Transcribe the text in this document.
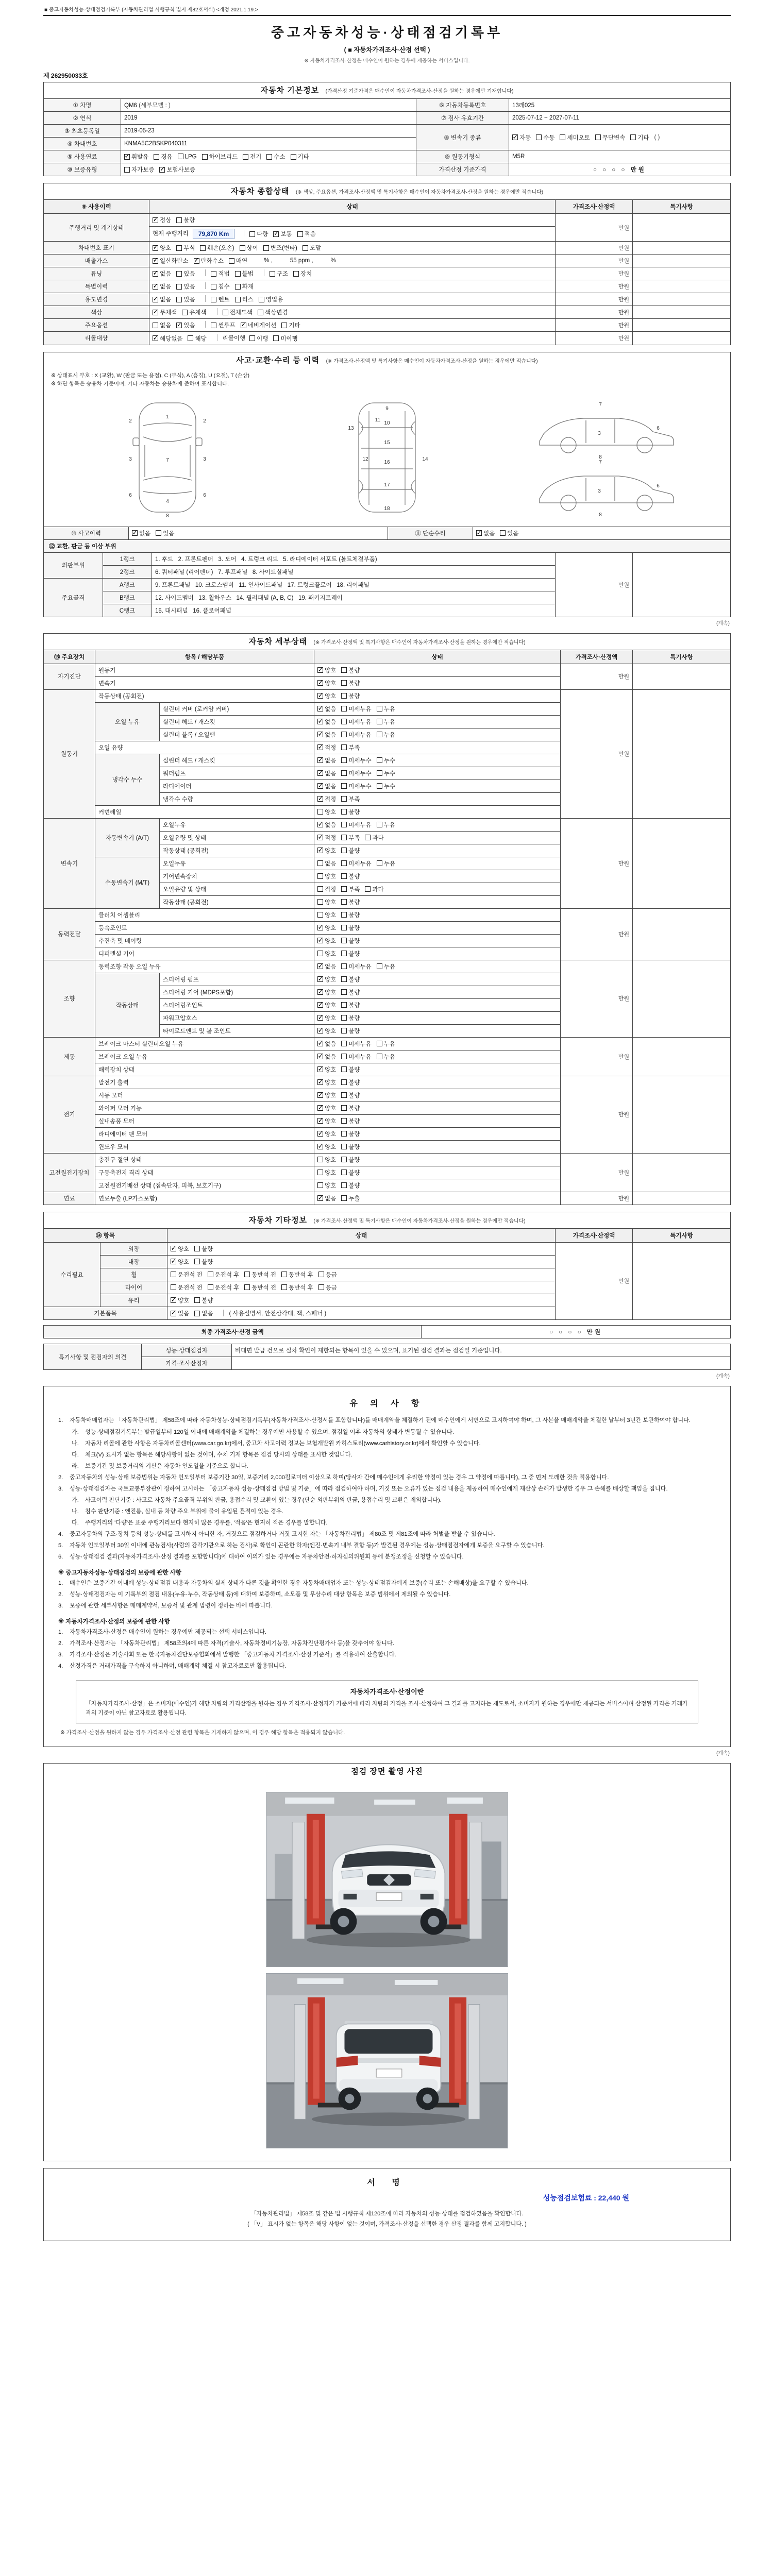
■ 중고자동차성능·상태점검기록부 (자동차관리법 시행규칙 별지 제82호서식) <개정 2021.1.19.>
중고자동차성능·상태점검기록부
( ■ 자동차가격조사·산정 선택 )
※ 자동차가격조사·산정은 매수인이 원하는 경우에 제공하는 서비스입니다.
제 262950033호
자동차 기본정보 (가격산정 기준가격은 매수인이 자동차가격조사·산정을 원하는 경우에만 기재합니다)
① 차명	QM6 (세부모델 : )	⑥ 자동차등록번호	13래025
② 연식	2019	⑦ 검사 유효기간	2025-07-12 ~ 2027-07-11
③ 최초등록일	2019-05-23	⑧ 변속기 종류	✓자동 수동 세미오토 무단변속 기타 ( )
④ 차대번호	KNMA5C2BSKP040311		
⑤ 사용연료	✓휘발유 경유 LPG 하이브리드 전기 수소 기타	⑨ 원동기형식	M5R
⑩ 보증유형	자가보증 ✓ 보험사보증	가격산정 기준가격	○ ○ ○ ○ 만원
자동차 종합상태 (※ 색상, 주요옵션, 가격조사·산정액 및 특기사항은 매수인이 자동차가격조사·산정을 원하는 경우에만 적습니다)
⑨ 사용이력	상태	가격조사·산정액	특기사항
주행거리 및 계기상태	✓정상 불량	만원	
	현재 주행거리 79,870 Km 다량 ✓ 보통 적음
차대번호 표기	✓양호 부식 훼손(오손) 상이 변조(변타) 도말	만원	
배출가스	✓일산화탄소 ✓ 탄화수소 매연 % , 55 ppm , %	만원	
튜닝	✓없음 있음 적법 불법 구조 장치	만원	
특별이력	✓없음 있음 침수 화재	만원	
용도변경	✓없음 있음 렌트 리스 영업용	만원	
색상	✓무채색 유채색 전체도색 색상변경	만원	
주요옵션	없음 ✓ 있음 썬루프 ✓ 네비게이션 기타	만원	
리콜대상	✓해당없음 해당 리콜이행 이행 미이행	만원	
사고·교환·수리 등 이력 (※ 가격조사·산정액 및 특기사항은 매수인이 자동차가격조사·산정을 원하는 경우에만 적습니다)
※ 상태표시 부호 : X (교환), W (판금 또는 용접), C (부식), A (흠집), U (요철), T (손상)
※ 하단 항목은 승용차 기준이며, 기타 자동차는 승용차에 준하여 표시합니다.
1
7
4
2	2
3	3
6	6
8
9
10
11
12
13
14
15
16
17
18
7
3
6
8
7
3
6
8
⑩ 사고이력	✓없음 있음	⑪ 단순수리	✓없음 있음
⑫ 교환, 판금 등 이상 부위				
외판부위	1랭크	1. 후드   2. 프론트펜더   3. 도어   4. 트렁크 리드   5. 라디에이터 서포트 (볼트체결부품)	만원	
	2랭크	6. 쿼터패널 (리어펜더)   7. 루프패널   8. 사이드실패널		
주요골격	A랭크	9. 프론트패널   10. 크로스멤버   11. 인사이드패널   17. 트렁크플로어   18. 리어패널		
	B랭크	12. 사이드멤버   13. 휠하우스   14. 필러패널 (A, B, C)   19. 패키지트레이		
	C랭크	15. 대시패널   16. 플로어패널		
(계속)
자동차 세부상태 (※ 가격조사·산정액 및 특기사항은 매수인이 자동차가격조사·산정을 원하는 경우에만 적습니다)
⑬ 주요장치	항목 / 해당부품		상태	가격조사·산정액	특기사항
자기진단	원동기	✓양호 불량	만원	
	변속기	✓양호 불량
원동기	작동상태 (공회전)	✓양호 불량	만원	
	오일 누유	실린더 커버 (로커암 커버)	✓없음 미세누유 누유
		실린더 헤드 / 개스킷	✓없음 미세누유 누유
		실린더 블록 / 오일팬	✓없음 미세누유 누유
	오일 유량	✓적정 부족
	냉각수 누수	실린더 헤드 / 개스킷	✓없음 미세누수 누수
		워터펌프	✓없음 미세누수 누수
		라디에이터	✓없음 미세누수 누수
		냉각수 수량	✓적정 부족
	커먼레일		양호 불량		
변속기	자동변속기 (A/T)	오일누유	✓없음 미세누유 누유	만원	
		오일유량 및 상태	✓적정 부족 과다
		작동상태 (공회전)	✓양호 불량
	수동변속기 (M/T)	오일누유	없음 미세누유 누유		
		기어변속장치	양호 불량		
		오일유량 및 상태	적정 부족 과다		
		작동상태 (공회전)	양호 불량		
동력전달	클러치 어셈블리		양호 불량	만원	
	등속조인트	✓양호 불량
	추진축 및 베어링	✓양호 불량
	디퍼렌셜 기어		양호 불량		
조향	동력조향 작동 오일 누유	✓없음 미세누유 누유	만원	
	작동상태	스티어링 펌프	✓양호 불량
		스티어링 기어 (MDPS포함)	✓양호 불량
		스티어링조인트	✓양호 불량
		파워고압호스	✓양호 불량
		타이로드엔드 및 볼 조인트	✓양호 불량
제동	브레이크 마스터 실린더오일 누유	✓없음 미세누유 누유	만원	
	브레이크 오일 누유	✓없음 미세누유 누유
	배력장치 상태	✓양호 불량
전기	발전기 출력	✓양호 불량	만원	
	시동 모터	✓양호 불량
	와이퍼 모터 기능	✓양호 불량
	실내송풍 모터	✓양호 불량
	라디에이터 팬 모터	✓양호 불량
	윈도우 모터	✓양호 불량
고전원전기장치	충전구 절연 상태		양호 불량	만원	
	구동축전지 격리 상태		양호 불량		
	고전원전기배선 상태 (접속단자, 피복, 보호기구)		양호 불량		
연료	연료누출 (LP가스포함)	✓없음 누출	만원	
자동차 기타정보 (※ 가격조사·산정액 및 특기사항은 매수인이 자동차가격조사·산정을 원하는 경우에만 적습니다)
⑭ 항목		상태	가격조사·산정액	특기사항
수리필요	외장	✓양호 불량	만원	
	내장	✓양호 불량
	휠	운전석 전 운전석 후 동반석 전 동반석 후 응급		
	타이어	운전석 전 운전석 후 동반석 전 동반석 후 응급		
	유리	✓양호 불량
기본품목	✓있음 없음 ( 사용설명서, 안전삼각대, 잭, 스패너 )
최종 가격조사·산정 금액	○ ○ ○ ○ 만원
특기사항 및 점검자의 의견	성능·상태점검자	비대면 발급 건으로 실차 확인이 제한되는 항목이 있을 수 있으며, 표기된 점검 결과는 점검일 기준입니다.
	가격·조사산정자	
(계속)
유 의 사 항
1.	자동차매매업자는 「자동차관리법」 제58조에 따라 자동차성능·상태점검기록부(자동차가격조사·산정서를 포함합니다)를 매매계약을 체결하기 전에 매수인에게 서면으로 고지하여야 하며, 그 사본을 매매계약을 체결한 날부터 3년간 보관하여야 합니다.
가.	성능·상태점검기록부는 발급일부터 120일 이내에 매매계약을 체결하는 경우에만 사용할 수 있으며, 점검일 이후 자동차의 상태가 변동될 수 있습니다.
나.	자동차 리콜에 관한 사항은 자동차리콜센터(www.car.go.kr)에서, 중고차 사고이력 정보는 보험개발원 카히스토리(www.carhistory.or.kr)에서 확인할 수 있습니다.
다.	체크(V) 표시가 없는 항목은 해당사항이 없는 것이며, 수치 기재 항목은 점검 당시의 상태를 표시한 것입니다.
라.	보증기간 및 보증거리의 기산은 자동차 인도일을 기준으로 합니다.
2.	중고자동차의 성능·상태 보증범위는 자동차 인도일부터 보증기간 30일, 보증거리 2,000킬로미터 이상으로 하며(당사자 간에 매수인에게 유리한 약정이 있는 경우 그 약정에 따릅니다), 그 중 먼저 도래한 것을 적용합니다.
3.	성능·상태점검자는 국토교통부장관이 정하여 고시하는 「중고자동차 성능·상태점검 방법 및 기준」에 따라 점검하여야 하며, 거짓 또는 오류가 있는 점검 내용을 제공하여 매수인에게 재산상 손해가 발생한 경우 그 손해를 배상할 책임을 집니다.
가.	사고이력 판단기준 : 사고로 자동차 주요골격 부위의 판금, 용접수리 및 교환이 있는 경우(단순 외판부위의 판금, 용접수리 및 교환은 제외합니다).
나.	침수 판단기준 : 엔진룸, 실내 등 차량 주요 부위에 물이 유입된 흔적이 있는 경우.
다.	주행거리의 '다량'은 표준 주행거리보다 현저히 많은 경우를, '적음'은 현저히 적은 경우를 말합니다.
4.	중고자동차의 구조·장치 등의 성능·상태를 고지하지 아니한 자, 거짓으로 점검하거나 거짓 고지한 자는 「자동차관리법」 제80조 및 제81조에 따라 처벌을 받을 수 있습니다.
5.	자동차 인도일부터 30일 이내에 관능검사(사람의 감각기관으로 하는 검사)로 확인이 곤란한 하자(엔진·변속기 내부 결함 등)가 발견된 경우에는 성능·상태점검자에게 보증을 요구할 수 있습니다.
6.	성능·상태점검 결과(자동차가격조사·산정 결과를 포함합니다)에 대하여 이의가 있는 경우에는 자동차안전·하자심의위원회 등에 분쟁조정을 신청할 수 있습니다.
※ 중고자동차성능·상태점검의 보증에 관한 사항
1.	매수인은 보증기간 이내에 성능·상태점검 내용과 자동차의 실제 상태가 다른 것을 확인한 경우 자동차매매업자 또는 성능·상태점검자에게 보증(수리 또는 손해배상)을 요구할 수 있습니다.
2.	성능·상태점검자는 이 기록부의 점검 내용(누유·누수, 작동상태 등)에 대하여 보증하며, 소모품 및 무상수리 대상 항목은 보증 범위에서 제외될 수 있습니다.
3.	보증에 관한 세부사항은 매매계약서, 보증서 및 관계 법령이 정하는 바에 따릅니다.
※ 자동차가격조사·산정의 보증에 관한 사항
1.	자동차가격조사·산정은 매수인이 원하는 경우에만 제공되는 선택 서비스입니다.
2.	가격조사·산정자는 「자동차관리법」 제58조의4에 따른 자격(기술사, 자동차정비기능장, 자동차진단평가사 등)을 갖추어야 합니다.
3.	가격조사·산정은 기술사회 또는 한국자동차진단보증협회에서 발행한 「중고자동차 가격조사·산정 기준서」를 적용하여 산출합니다.
4.	산정가격은 거래가격을 구속하지 아니하며, 매매계약 체결 시 참고자료로만 활용됩니다.
자동차가격조사·산정이란
「자동차가격조사·산정」은 소비자(매수인)가 해당 차량의 가격산정을 원하는 경우 가격조사·산정자가 기준서에 따라 차량의 가격을 조사·산정하여 그 결과를 고지하는 제도로서, 소비자가 원하는 경우에만 제공되는 서비스이며 산정된 가격은 거래가격의 기준이 아닌 참고자료로 활용됩니다.
※ 가격조사·산정을 원하지 않는 경우 가격조사·산정 관련 항목은 기재하지 않으며, 이 경우 해당 항목은 적용되지 않습니다.
(계속)
점검 장면 촬영 사진
서 명
성능점검보험료 : 22,440 원
「자동차관리법」 제58조 및 같은 법 시행규칙 제120조에 따라 자동차의 성능·상태를 점검하였음을 확인합니다.
( 「V」 표시가 없는 항목은 해당 사항이 없는 것이며, 가격조사·산정을 선택한 경우 산정 결과를 함께 고지합니다. )
